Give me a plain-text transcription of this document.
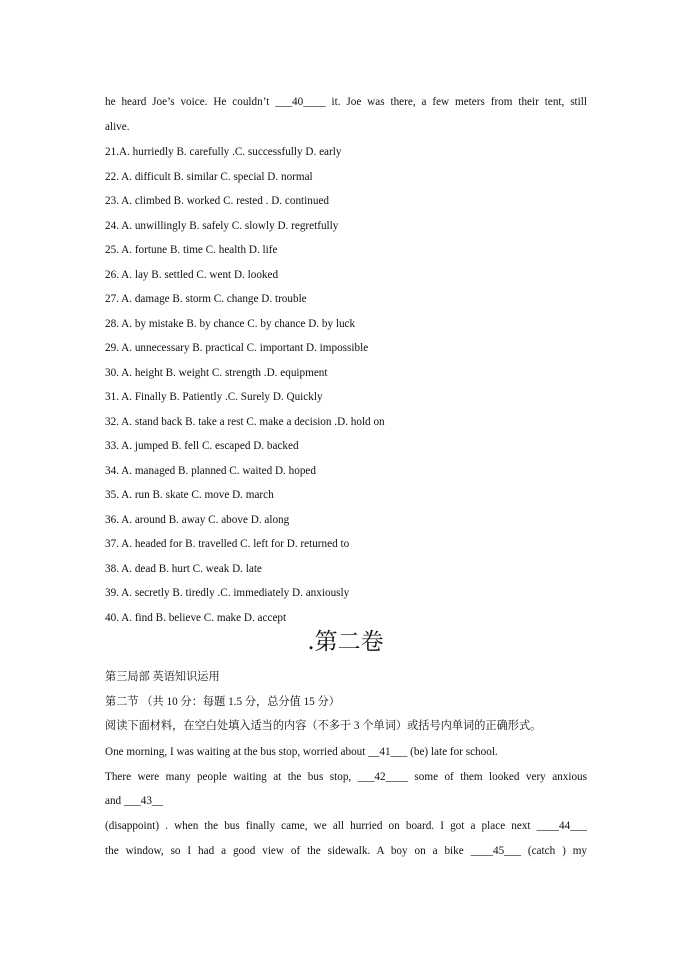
he heard Joe’s voice. He couldn’t ___40____ it. Joe was there, a few meters from their tent, still
alive.
21.A. hurriedly B. carefully .C. successfully D. early
22. A. difficult B. similar C. special D. normal
23. A. climbed B. worked C. rested . D. continued
24. A. unwillingly B. safely C. slowly D. regretfully
25. A. fortune B. time C. health D. life
26. A. lay B. settled C. went D. looked
27. A. damage B. storm C. change D. trouble
28. A. by mistake B. by chance C. by chance D. by luck
29. A. unnecessary B. practical C. important D. impossible
30. A. height B. weight C. strength .D. equipment
31. A. Finally B. Patiently .C. Surely D. Quickly
32. A. stand back B. take a rest C. make a decision .D. hold on
33. A. jumped B. fell C. escaped D. backed
34. A. managed B. planned C. waited D. hoped
35. A. run B. skate C. move D. march
36. A. around B. away C. above D. along
37. A. headed for B. travelled C. left for D. returned to
38. A. dead B. hurt C. weak D. late
39. A. secretly B. tiredly .C. immediately D. anxiously
40. A. find B. believe C. make D. accept
.第二卷
第三局部 英语知识运用
第二节 （共 10 分：每题 1.5 分，总分值 15 分）
阅读下面材料，在空白处填入适当的内容（不多于 3 个单词）或括号内单词的正确形式。
One morning, I was waiting at the bus stop, worried about __41___ (be) late for school.
There were many people waiting at the bus stop, ___42____ some of them looked very anxious
and ___43__
(disappoint) . when the bus finally came, we all hurried on board. I got a place next ____44___
the window, so I had a good view of the sidewalk. A boy on a bike ____45___ (catch ) my
